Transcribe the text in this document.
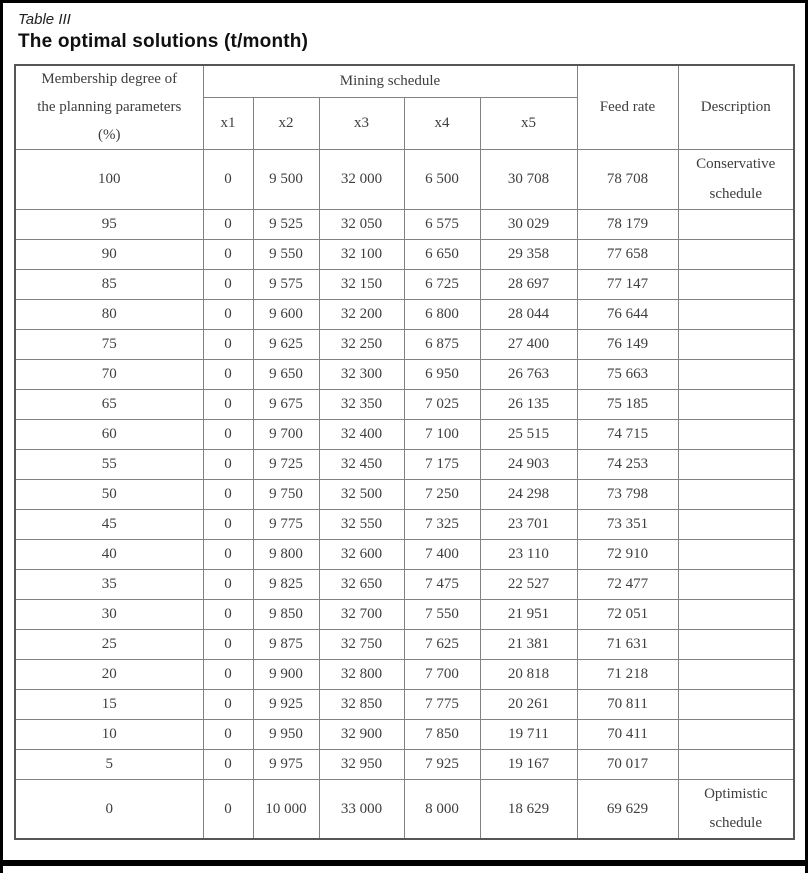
Table III
The optimal solutions (t/month)
Membership degree of
the planning parameters
(%)	Mining schedule					Feed rate	Description
	x1	x2	x3	x4	x5		
100	0	9 500	32 000	6 500	30 708	78 708	Conservative schedule
95	0	9 525	32 050	6 575	30 029	78 179	
90	0	9 550	32 100	6 650	29 358	77 658	
85	0	9 575	32 150	6 725	28 697	77 147	
80	0	9 600	32 200	6 800	28 044	76 644	
75	0	9 625	32 250	6 875	27 400	76 149	
70	0	9 650	32 300	6 950	26 763	75 663	
65	0	9 675	32 350	7 025	26 135	75 185	
60	0	9 700	32 400	7 100	25 515	74 715	
55	0	9 725	32 450	7 175	24 903	74 253	
50	0	9 750	32 500	7 250	24 298	73 798	
45	0	9 775	32 550	7 325	23 701	73 351	
40	0	9 800	32 600	7 400	23 110	72 910	
35	0	9 825	32 650	7 475	22 527	72 477	
30	0	9 850	32 700	7 550	21 951	72 051	
25	0	9 875	32 750	7 625	21 381	71 631	
20	0	9 900	32 800	7 700	20 818	71 218	
15	0	9 925	32 850	7 775	20 261	70 811	
10	0	9 950	32 900	7 850	19 711	70 411	
5	0	9 975	32 950	7 925	19 167	70 017	
0	0	10 000	33 000	8 000	18 629	69 629	Optimistic schedule
